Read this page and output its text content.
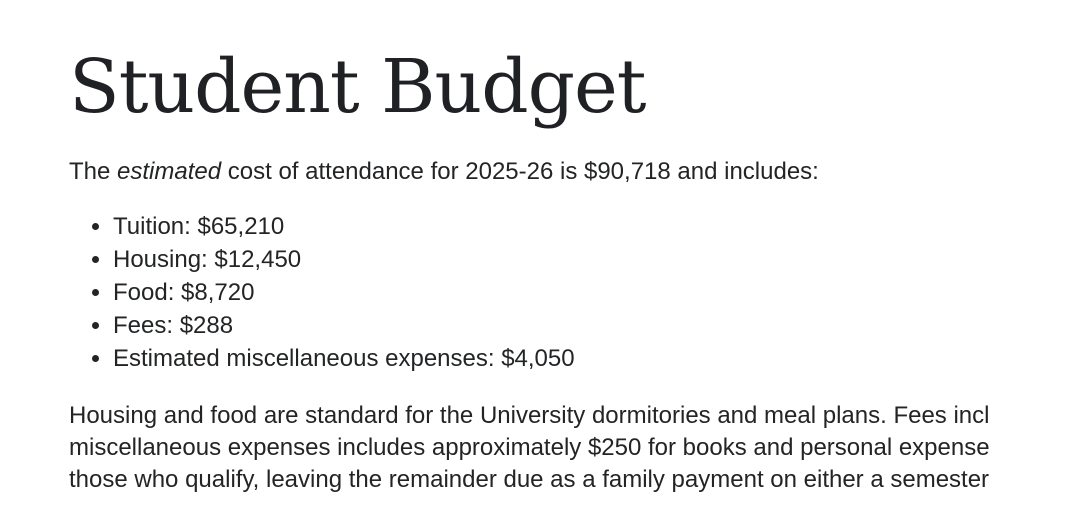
Student Budget

The estimated cost of attendance for 2025-26 is $90,718 and includes:

• Tuition: $65,210
• Housing: $12,450
• Food: $8,720
• Fees: $288
• Estimated miscellaneous expenses: $4,050

Housing and food are standard for the University dormitories and meal plans. Fees incl
miscellaneous expenses includes approximately $250 for books and personal expense
those who qualify, leaving the remainder due as a family payment on either a semester
